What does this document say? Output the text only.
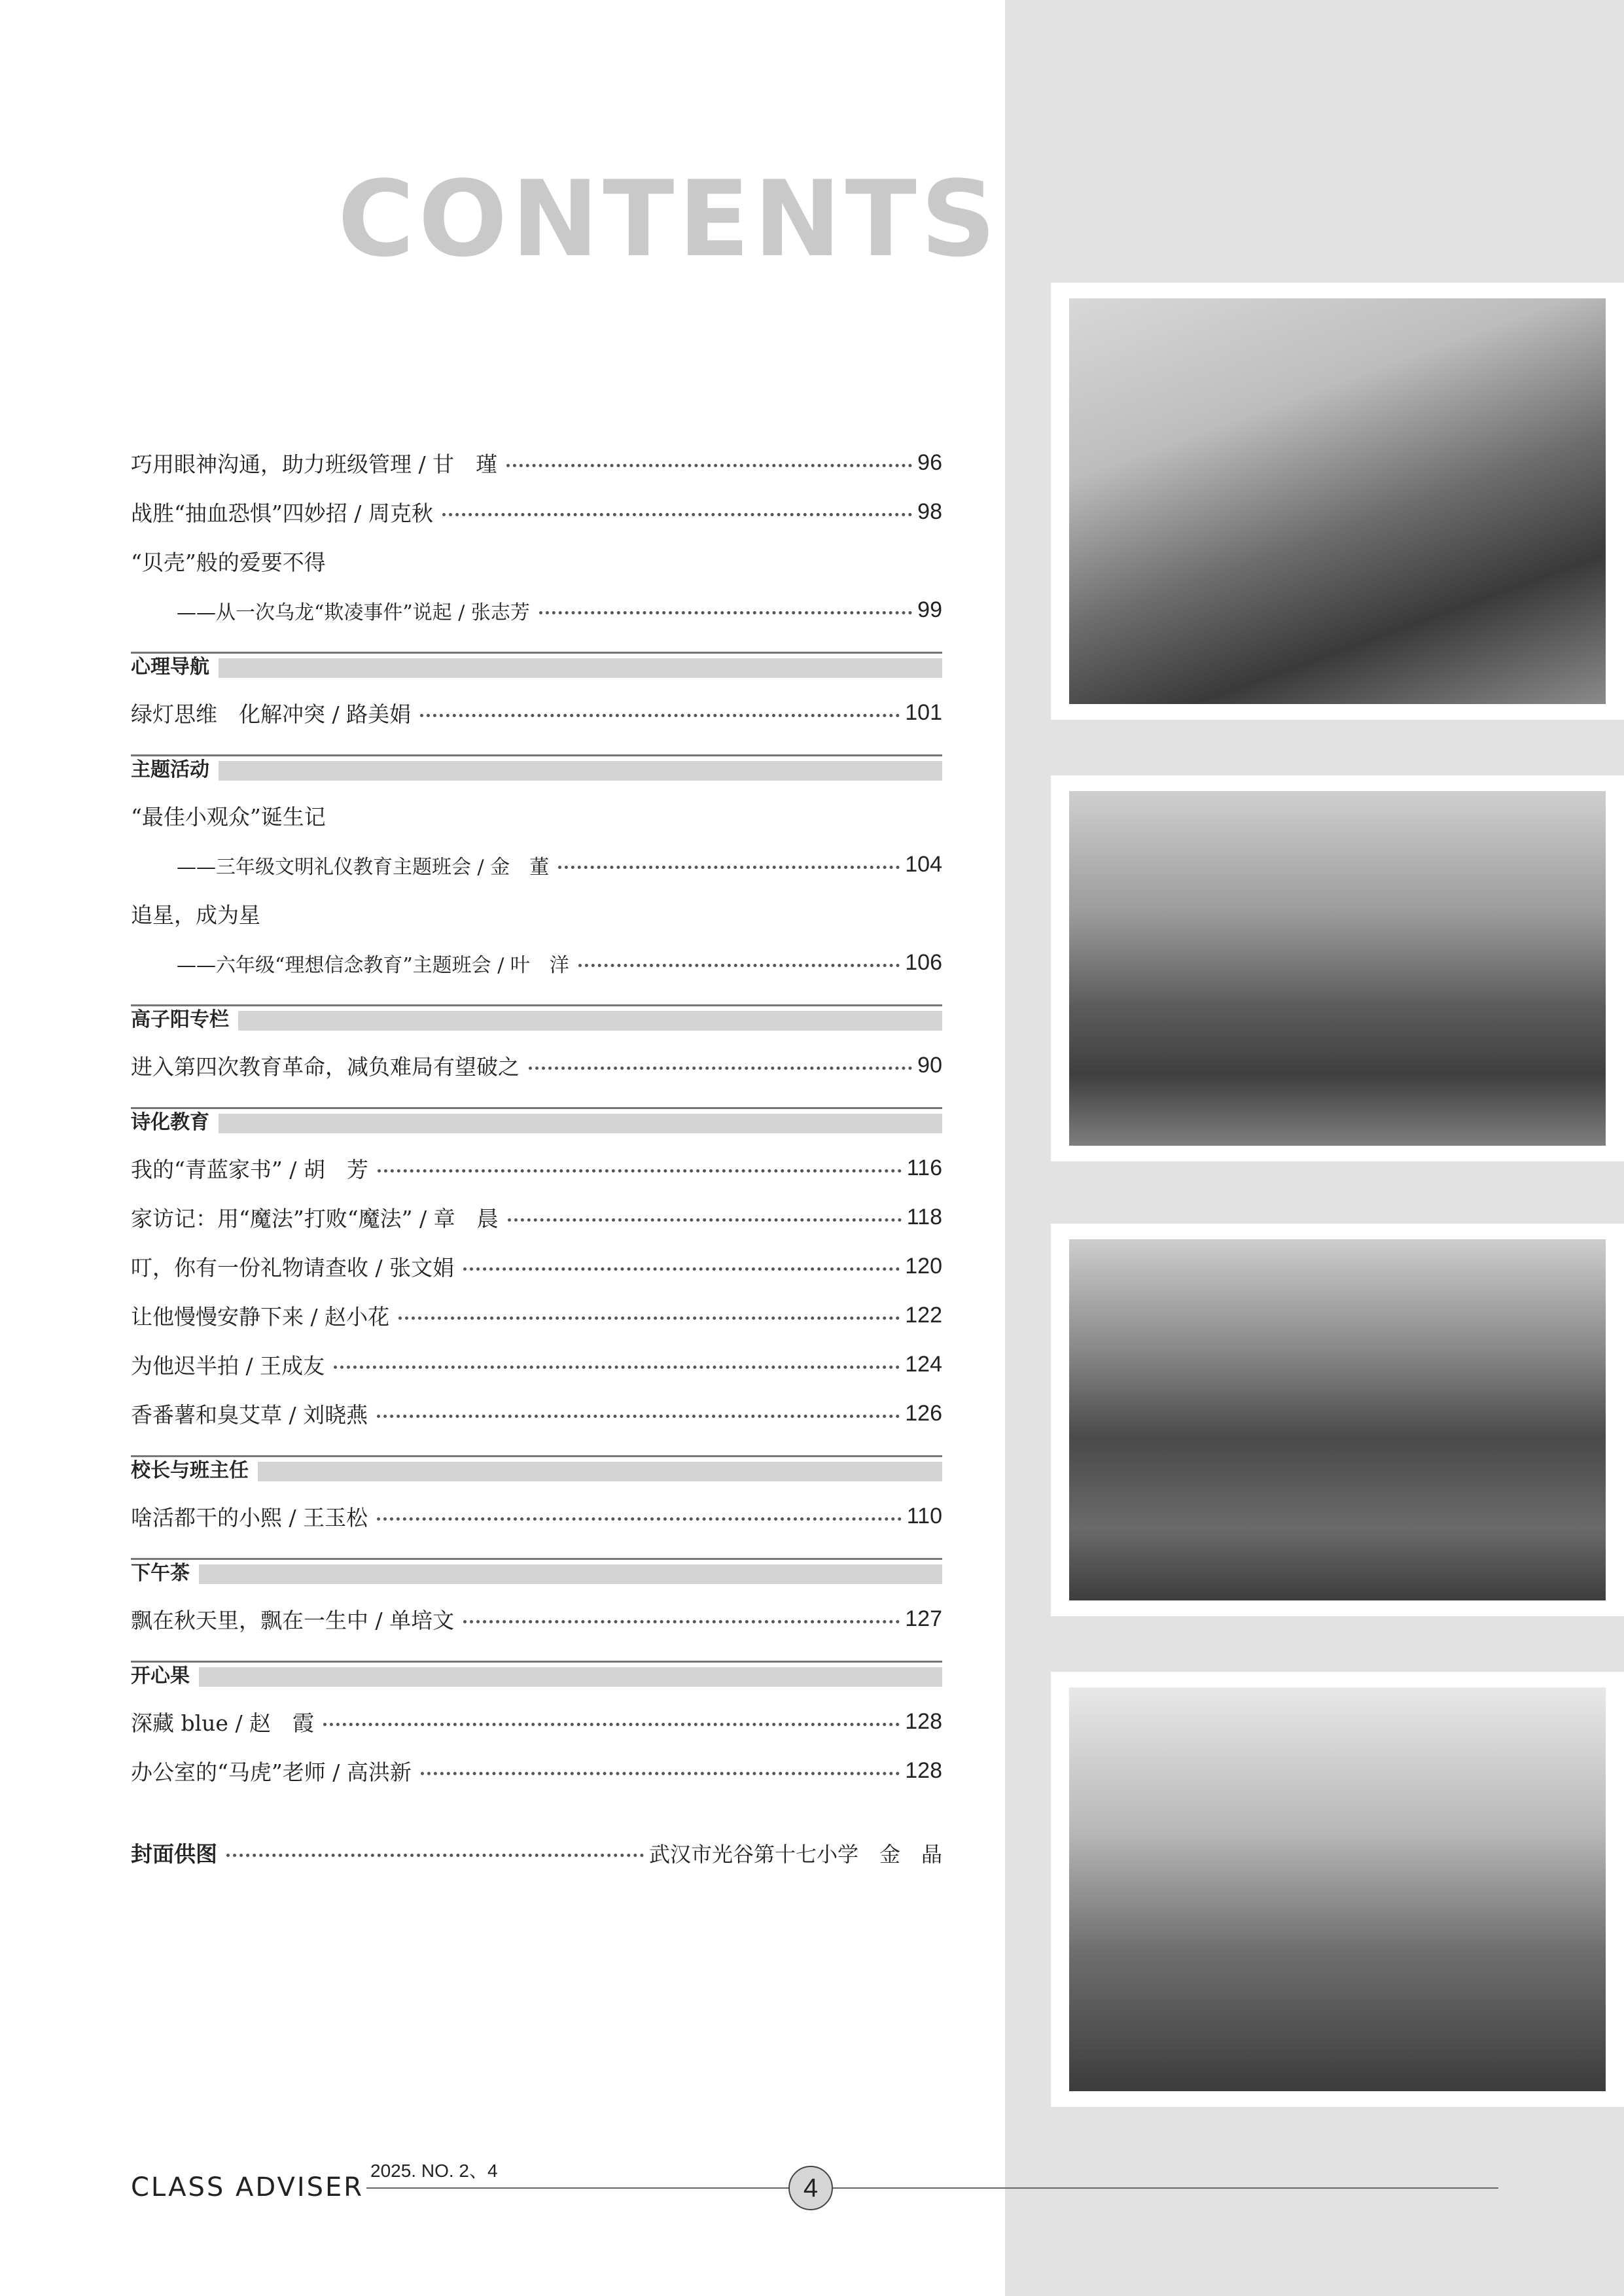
CONTENTS
巧用眼神沟通，助力班级管理 / 甘　瑾	96
战胜“抽血恐惧”四妙招 / 周克秋	98
“贝壳”般的爱要不得
——从一次乌龙“欺凌事件”说起 / 张志芳	99
心理导航
绿灯思维　化解冲突 / 路美娟	101
主题活动
“最佳小观众”诞生记
——三年级文明礼仪教育主题班会 / 金　董	104
追星，成为星
——六年级“理想信念教育”主题班会 / 叶　洋	106
高子阳专栏
进入第四次教育革命，减负难局有望破之	90
诗化教育
我的“青蓝家书” / 胡　芳	116
家访记：用“魔法”打败“魔法” / 章　晨	118
叮，你有一份礼物请查收 / 张文娟	120
让他慢慢安静下来 / 赵小花	122
为他迟半拍 / 王成友	124
香番薯和臭艾草 / 刘晓燕	126
校长与班主任
啥活都干的小熙 / 王玉松	110
下午茶
飘在秋天里，飘在一生中 / 单培文	127
开心果
深藏 blue / 赵　霞	128
办公室的“马虎”老师 / 高洪新	128
封面供图	武汉市光谷第十七小学　金　晶
CLASS ADVISER
2025. NO. 2、4
4
